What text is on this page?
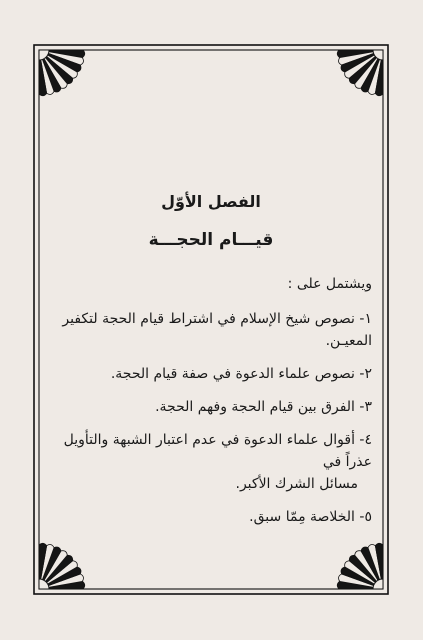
الفصل الأوّل

قيـــام الحجـــة

ويشتمل على :

١- نصوص شيخ الإسلام في اشتراط قيام الحجة لتكفير المعيـن.
٢- نصوص علماء الدعوة في صفة قيام الحجة.
٣- الفرق بين قيام الحجة وفهم الحجة.
٤- أقوال علماء الدعوة في عدم اعتبار الشبهة والتأويل عذراً في
مسائل الشرك الأكبر.
٥- الخلاصة مِمّا سبق.
